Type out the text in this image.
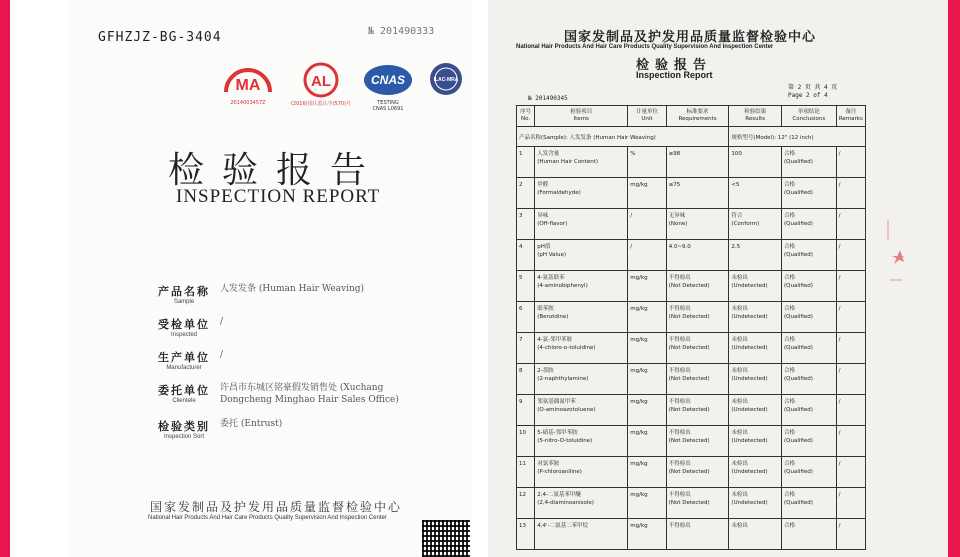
GFHZJZ-BG-3404	№ 201490333
MA
2014003457Z
AL
(2016)国认监认字(570)号
CNAS
TESTING
CNAS L0691
ILAC-MRA
检验报告
INSPECTION REPORT
产品名称
Sample
人发发条 (Human Hair Weaving)
受检单位
Inspected
/
生产单位
Manufacturer
/
委托单位
Clientele
许昌市东城区铭豪假发销售处 (Xuchang
Dongcheng Minghao Hair Sales Office)
检验类别
Inspection Sort
委托 (Entrust)
国家发制品及护发用品质量监督检验中心
National Hair Products And Hair Care Products Quality Supervision And Inspection Center
国家发制品及护发用品质量监督检验中心
National Hair Products And Hair Care Products Quality Supervision And Inspection Center
检验报告
Inspection Report
第 2 页 共 4 页
Page 2 of 4
№ 201490345
产品名称(Sample): 人发发条 (Human Hair Weaving)				规格型号(Model): 12" (12 inch)		
序号
No.	检验项目
Items	计量单位
Unit	标准要求
Requirements	检验结果
Results	单项结论
Conclusions	备注
Remarks
1	人发含量
(Human Hair Content)	%	≥98	100	合格
(Qualified)	/
2	甲醛
(Formaldehyde)	mg/kg	≤75	<5	合格
(Qualified)	/
3	异味
(Off-flavor)	/	无异味
(None)	符合
(Conform)	合格
(Qualified)	/
4	pH值
(pH Value)	/	4.0~9.0	2.5	合格
(Qualified)	/
5	4-氨基联苯
(4-aminobiphenyl)	mg/kg	不得检出
(Not Detected)	未检出
(Undetected)	合格
(Qualified)	/
6	联苯胺
(Benzidine)	mg/kg	不得检出
(Not Detected)	未检出
(Undetected)	合格
(Qualified)	/
7	4-氯-邻甲苯胺
(4-chloro-o-toluidine)	mg/kg	不得检出
(Not Detected)	未检出
(Undetected)	合格
(Qualified)	/
8	2-萘胺
(2-naphthylamine)	mg/kg	不得检出
(Not Detected)	未检出
(Undetected)	合格
(Qualified)	/
9	邻氨基偶氮甲苯
(O-aminoazotoluene)	mg/kg	不得检出
(Not Detected)	未检出
(Undetected)	合格
(Qualified)	/
10	5-硝基-邻甲苯胺
(5-nitro-O-toluidine)	mg/kg	不得检出
(Not Detected)	未检出
(Undetected)	合格
(Qualified)	/
11	对氯苯胺
(P-chloroaniline)	mg/kg	不得检出
(Not Detected)	未检出
(Undetected)	合格
(Qualified)	/
12	2,4-二氨基苯甲醚
(2,4-diaminoanisole)	mg/kg	不得检出
(Not Detected)	未检出
(Undetected)	合格
(Qualified)	/
13	4,4'-二氨基二苯甲烷	mg/kg	不得检出	未检出	合格	/
